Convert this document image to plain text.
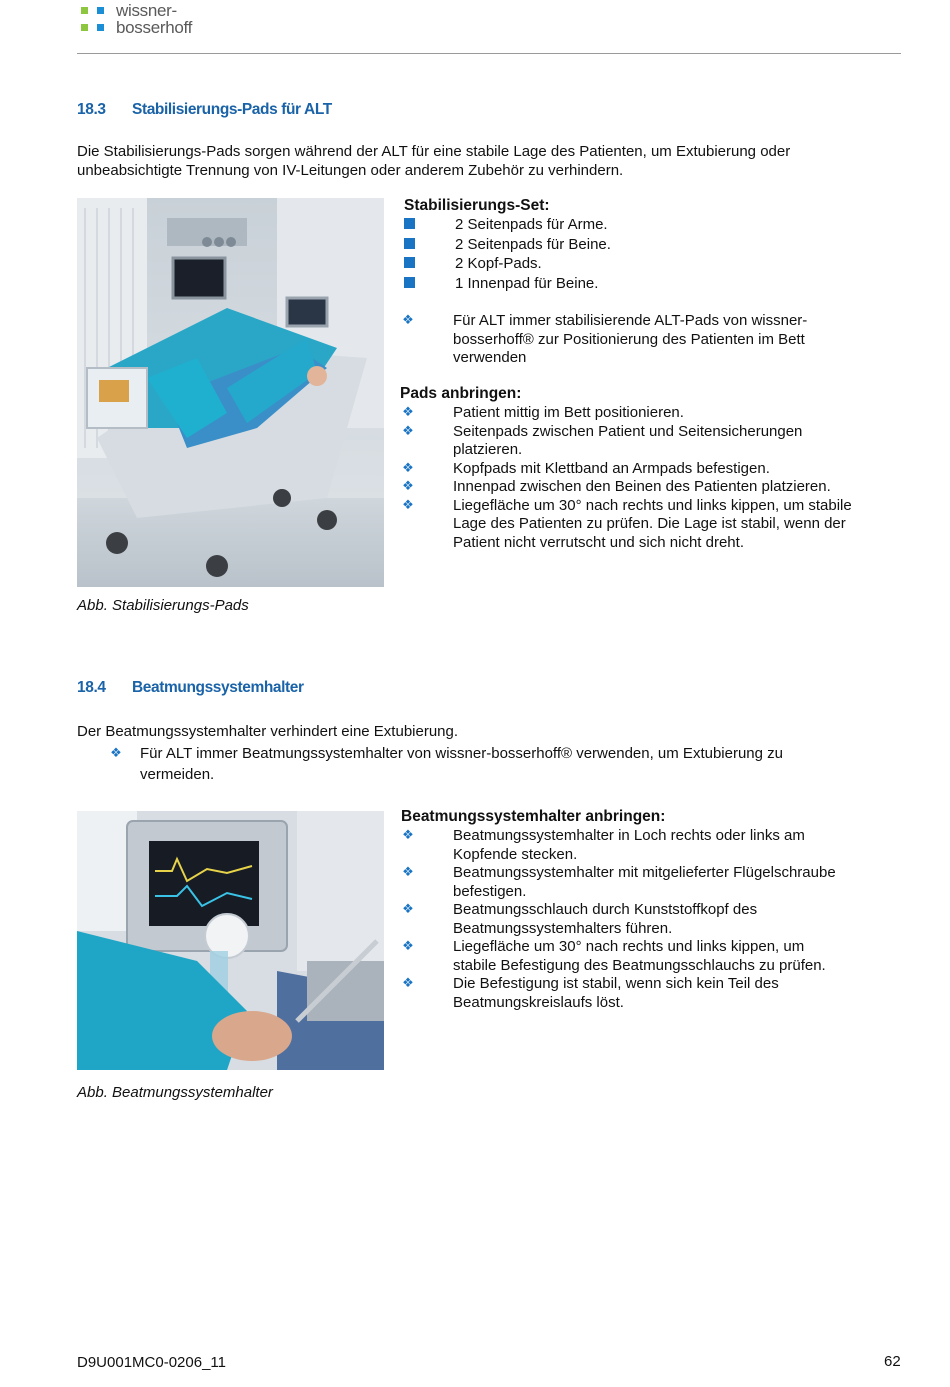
wissner-
bosserhoff
18.3 Stabilisierungs-Pads für ALT
Die Stabilisierungs-Pads sorgen während der ALT für eine stabile Lage des Patienten, um Extubierung oder
unbeabsichtigte Trennung von IV-Leitungen oder anderem Zubehör zu verhindern.
Stabilisierungs-Set:
2 Seitenpads für Arme.
2 Seitenpads für Beine.
2 Kopf-Pads.
1 Innenpad für Beine.
❖	Für ALT immer stabilisierende ALT-Pads von wissner-
bosserhoff® zur Positionierung des Patienten im Bett
verwenden
Pads anbringen:
❖	Patient mittig im Bett positionieren.
❖	Seitenpads zwischen Patient und Seitensicherungen
platzieren.
❖	Kopfpads mit Klettband an Armpads befestigen.
❖	Innenpad zwischen den Beinen des Patienten platzieren.
❖	Liegefläche um 30° nach rechts und links kippen, um stabile
Lage des Patienten zu prüfen. Die Lage ist stabil, wenn der
Patient nicht verrutscht und sich nicht dreht.
Abb. Stabilisierungs-Pads
18.4 Beatmungssystemhalter
Der Beatmungssystemhalter verhindert eine Extubierung.
❖ Für ALT immer Beatmungssystemhalter von wissner-bosserhoff® verwenden, um Extubierung zu
vermeiden.
Beatmungssystemhalter anbringen:
❖	Beatmungssystemhalter in Loch rechts oder links am
Kopfende stecken.
❖	Beatmungssystemhalter mit mitgelieferter Flügelschraube
befestigen.
❖	Beatmungsschlauch durch Kunststoffkopf des
Beatmungssystemhalters führen.
❖	Liegefläche um 30° nach rechts und links kippen, um
stabile Befestigung des Beatmungsschlauchs zu prüfen.
❖	Die Befestigung ist stabil, wenn sich kein Teil des
Beatmungskreislaufs löst.
Abb. Beatmungssystemhalter
D9U001MC0-0206_11	62
